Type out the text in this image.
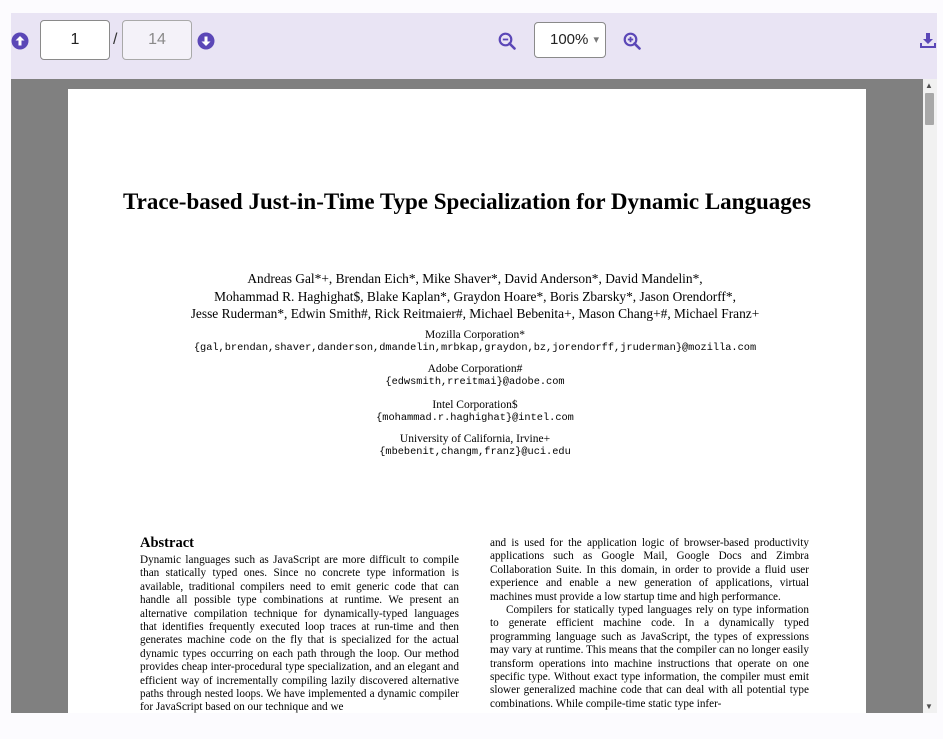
1	/	14	100% ▾
Trace-based Just-in-Time Type Specialization for Dynamic Languages
Andreas Gal*+, Brendan Eich*, Mike Shaver*, David Anderson*, David Mandelin*,
Mohammad R. Haghighat$, Blake Kaplan*, Graydon Hoare*, Boris Zbarsky*, Jason Orendorff*,
Jesse Ruderman*, Edwin Smith#, Rick Reitmaier#, Michael Bebenita+, Mason Chang+#, Michael Franz+
Mozilla Corporation*
{gal,brendan,shaver,danderson,dmandelin,mrbkap,graydon,bz,jorendorff,jruderman}@mozilla.com
Adobe Corporation#
{edwsmith,rreitmai}@adobe.com
Intel Corporation$
{mohammad.r.haghighat}@intel.com
University of California, Irvine+
{mbebenit,changm,franz}@uci.edu
Abstract

Dynamic languages such as JavaScript are more difficult to compile than statically typed ones. Since no concrete type information is available, traditional compilers need to emit generic code that can handle all possible type combinations at runtime. We present an alternative compilation technique for dynamically-typed languages that identifies frequently executed loop traces at run-time and then generates machine code on the fly that is specialized for the actual dynamic types occurring on each path through the loop. Our method provides cheap inter-procedural type specialization, and an elegant and efficient way of incrementally compiling lazily discovered alternative paths through nested loops. We have implemented a dynamic compiler for JavaScript based on our technique and we

and is used for the application logic of browser-based productivity applications such as Google Mail, Google Docs and Zimbra Collaboration Suite. In this domain, in order to provide a fluid user experience and enable a new generation of applications, virtual machines must provide a low startup time and high performance.

Compilers for statically typed languages rely on type information to generate efficient machine code. In a dynamically typed programming language such as JavaScript, the types of expressions may vary at runtime. This means that the compiler can no longer easily transform operations into machine instructions that operate on one specific type. Without exact type information, the compiler must emit slower generalized machine code that can deal with all potential type combinations. While compile-time static type infer-

▲
▼
